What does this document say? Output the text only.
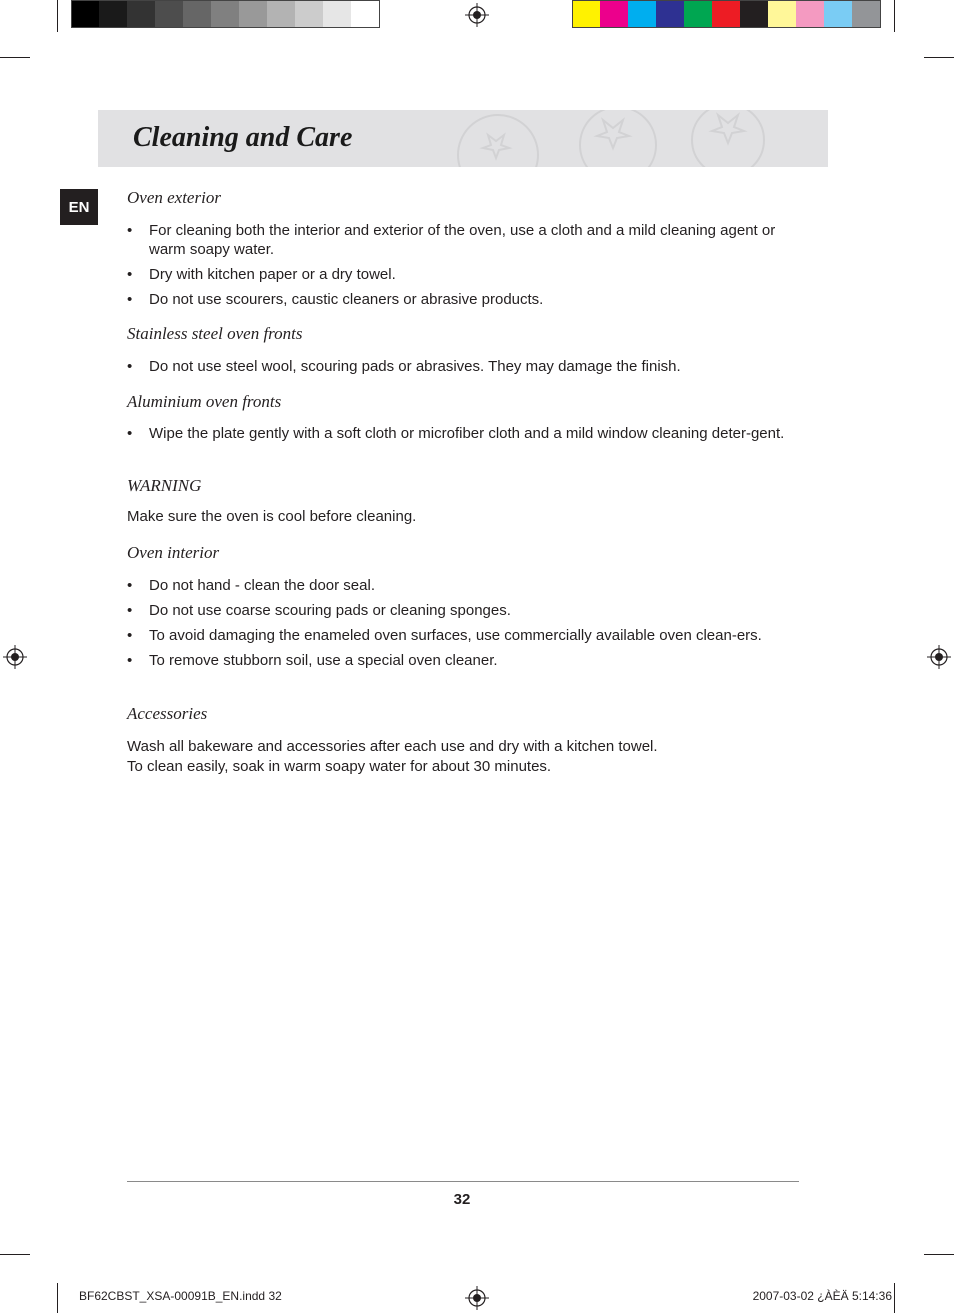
Cleaning and Care
EN	Oven exterior
• For cleaning both the interior and exterior of the oven, use a cloth and a mild cleaning agent or warm soapy water.
• Dry with kitchen paper or a dry towel.
• Do not use scourers, caustic cleaners or abrasive products.
Stainless steel oven fronts
• Do not use steel wool, scouring pads or abrasives. They may damage the finish.
Aluminium oven fronts
• Wipe the plate gently with a soft cloth or microfiber cloth and a mild window cleaning deter-gent.
WARNING
Make sure the oven is cool before cleaning.
Oven interior
• Do not hand - clean the door seal.
• Do not use coarse scouring pads or cleaning sponges.
• To avoid damaging the enameled oven surfaces, use commercially available oven clean-ers.
• To remove stubborn soil, use a special oven cleaner.
Accessories
Wash all bakeware and accessories after each use and dry with a kitchen towel.
To clean easily, soak in warm soapy water for about 30 minutes.
32
BF62CBST_XSA-00091B_EN.indd 32	2007-03-02 ¿ÀÈÄ 5:14:36
